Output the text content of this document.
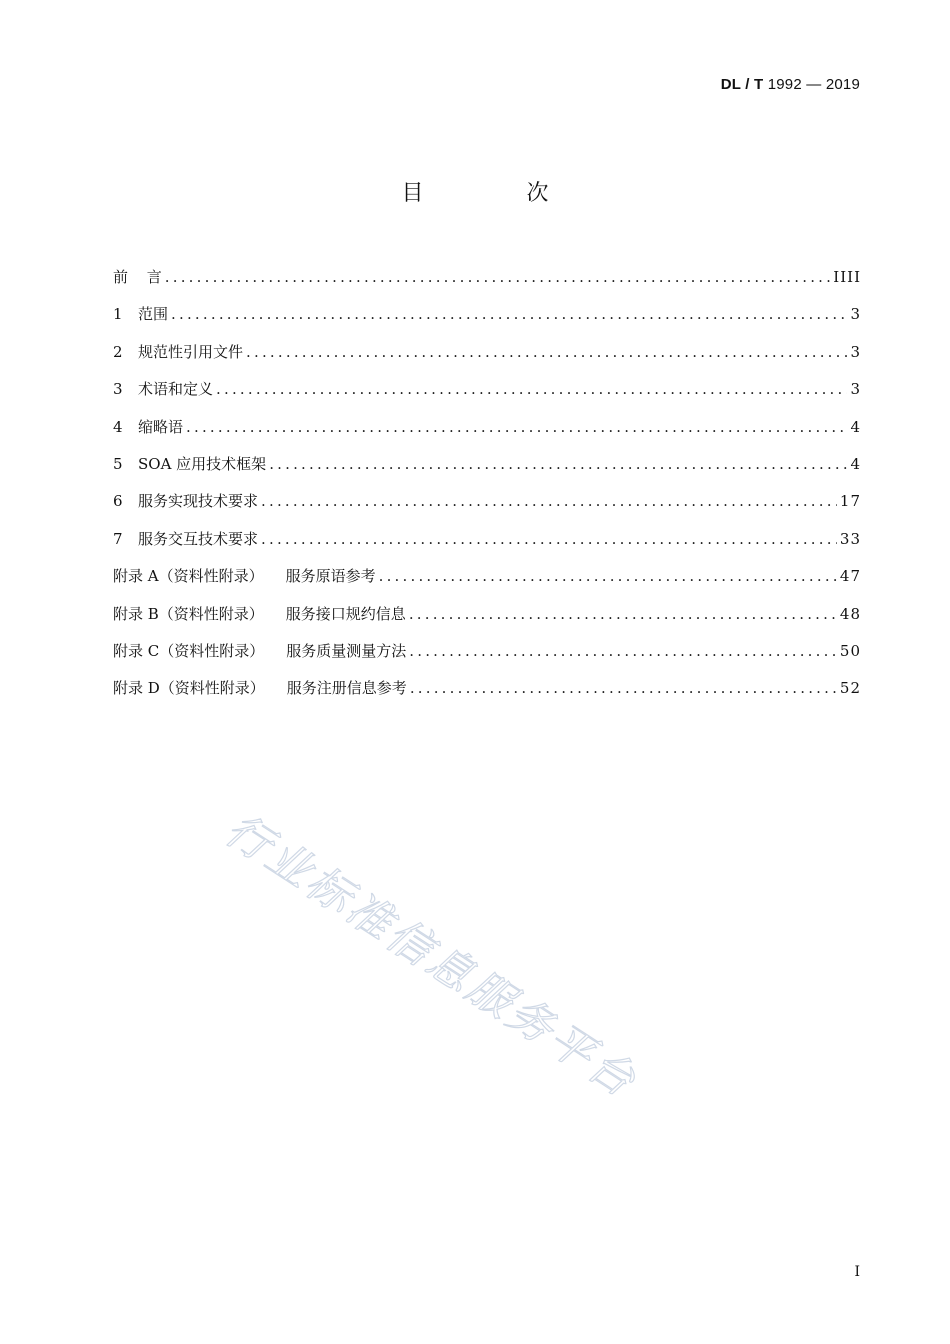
DL / T 1992 — 2019
目 次
前 言 .....	IIII
1	范围 .....	3
2	规范性引用文件 .....	3
3	术语和定义 .....	3
4	缩略语 .....	4
5	SOA 应用技术框架 .....	4
6	服务实现技术要求 .....	17
7	服务交互技术要求 .....	33
附录 A（资料性附录） 服务原语参考 .....	47
附录 B（资料性附录） 服务接口规约信息 .....	48
附录 C（资料性附录） 服务质量测量方法 .....	50
附录 D（资料性附录） 服务注册信息参考 .....	52
行业标准信息服务平台
I
